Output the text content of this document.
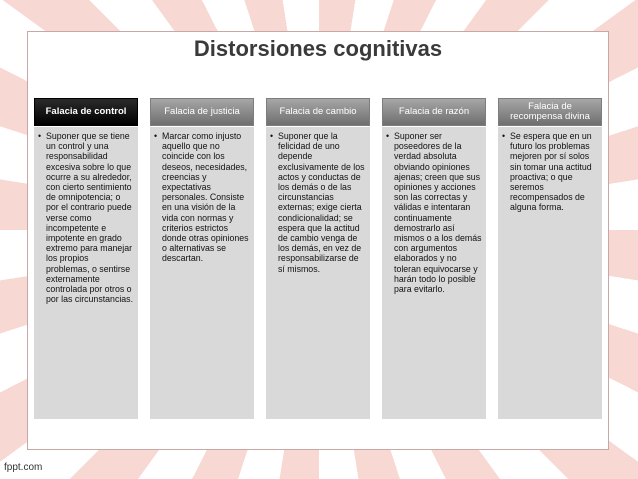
Distorsiones cognitivas
Falacia de control
• Suponer que se tiene un control y una responsabilidad excesiva sobre lo que ocurre a su alrededor, con cierto sentimiento de omnipotencia; o por el contrario puede verse como incompetente e impotente en grado extremo para manejar los propios problemas, o sentirse externamente controlada por otros o por las circunstancias.
Falacia de justicia
• Marcar como injusto aquello que no coincide con los deseos, necesidades, creencias y expectativas personales. Consiste en una visión de la vida con normas y criterios estrictos donde otras opiniones o alternativas se descartan.
Falacia de cambio
• Suponer que la felicidad de uno depende exclusivamente de los actos y conductas de los demás o de las circunstancias externas; exige cierta condicionalidad; se espera que la actitud de cambio venga de los demás, en vez de responsabilizarse de sí mismos.
Falacia de razón
• Suponer ser poseedores de la verdad absoluta obviando opiniones ajenas; creen que sus opiniones y acciones son las correctas y válidas e intentaran continuamente demostrarlo así mismos o a los demás con argumentos elaborados y no toleran equivocarse y harán todo lo posible para evitarlo.
Falacia de recompensa divina
• Se espera que en un futuro los problemas mejoren por sí solos sin tomar una actitud proactiva; o que seremos recompensados de alguna forma.
fppt.com
